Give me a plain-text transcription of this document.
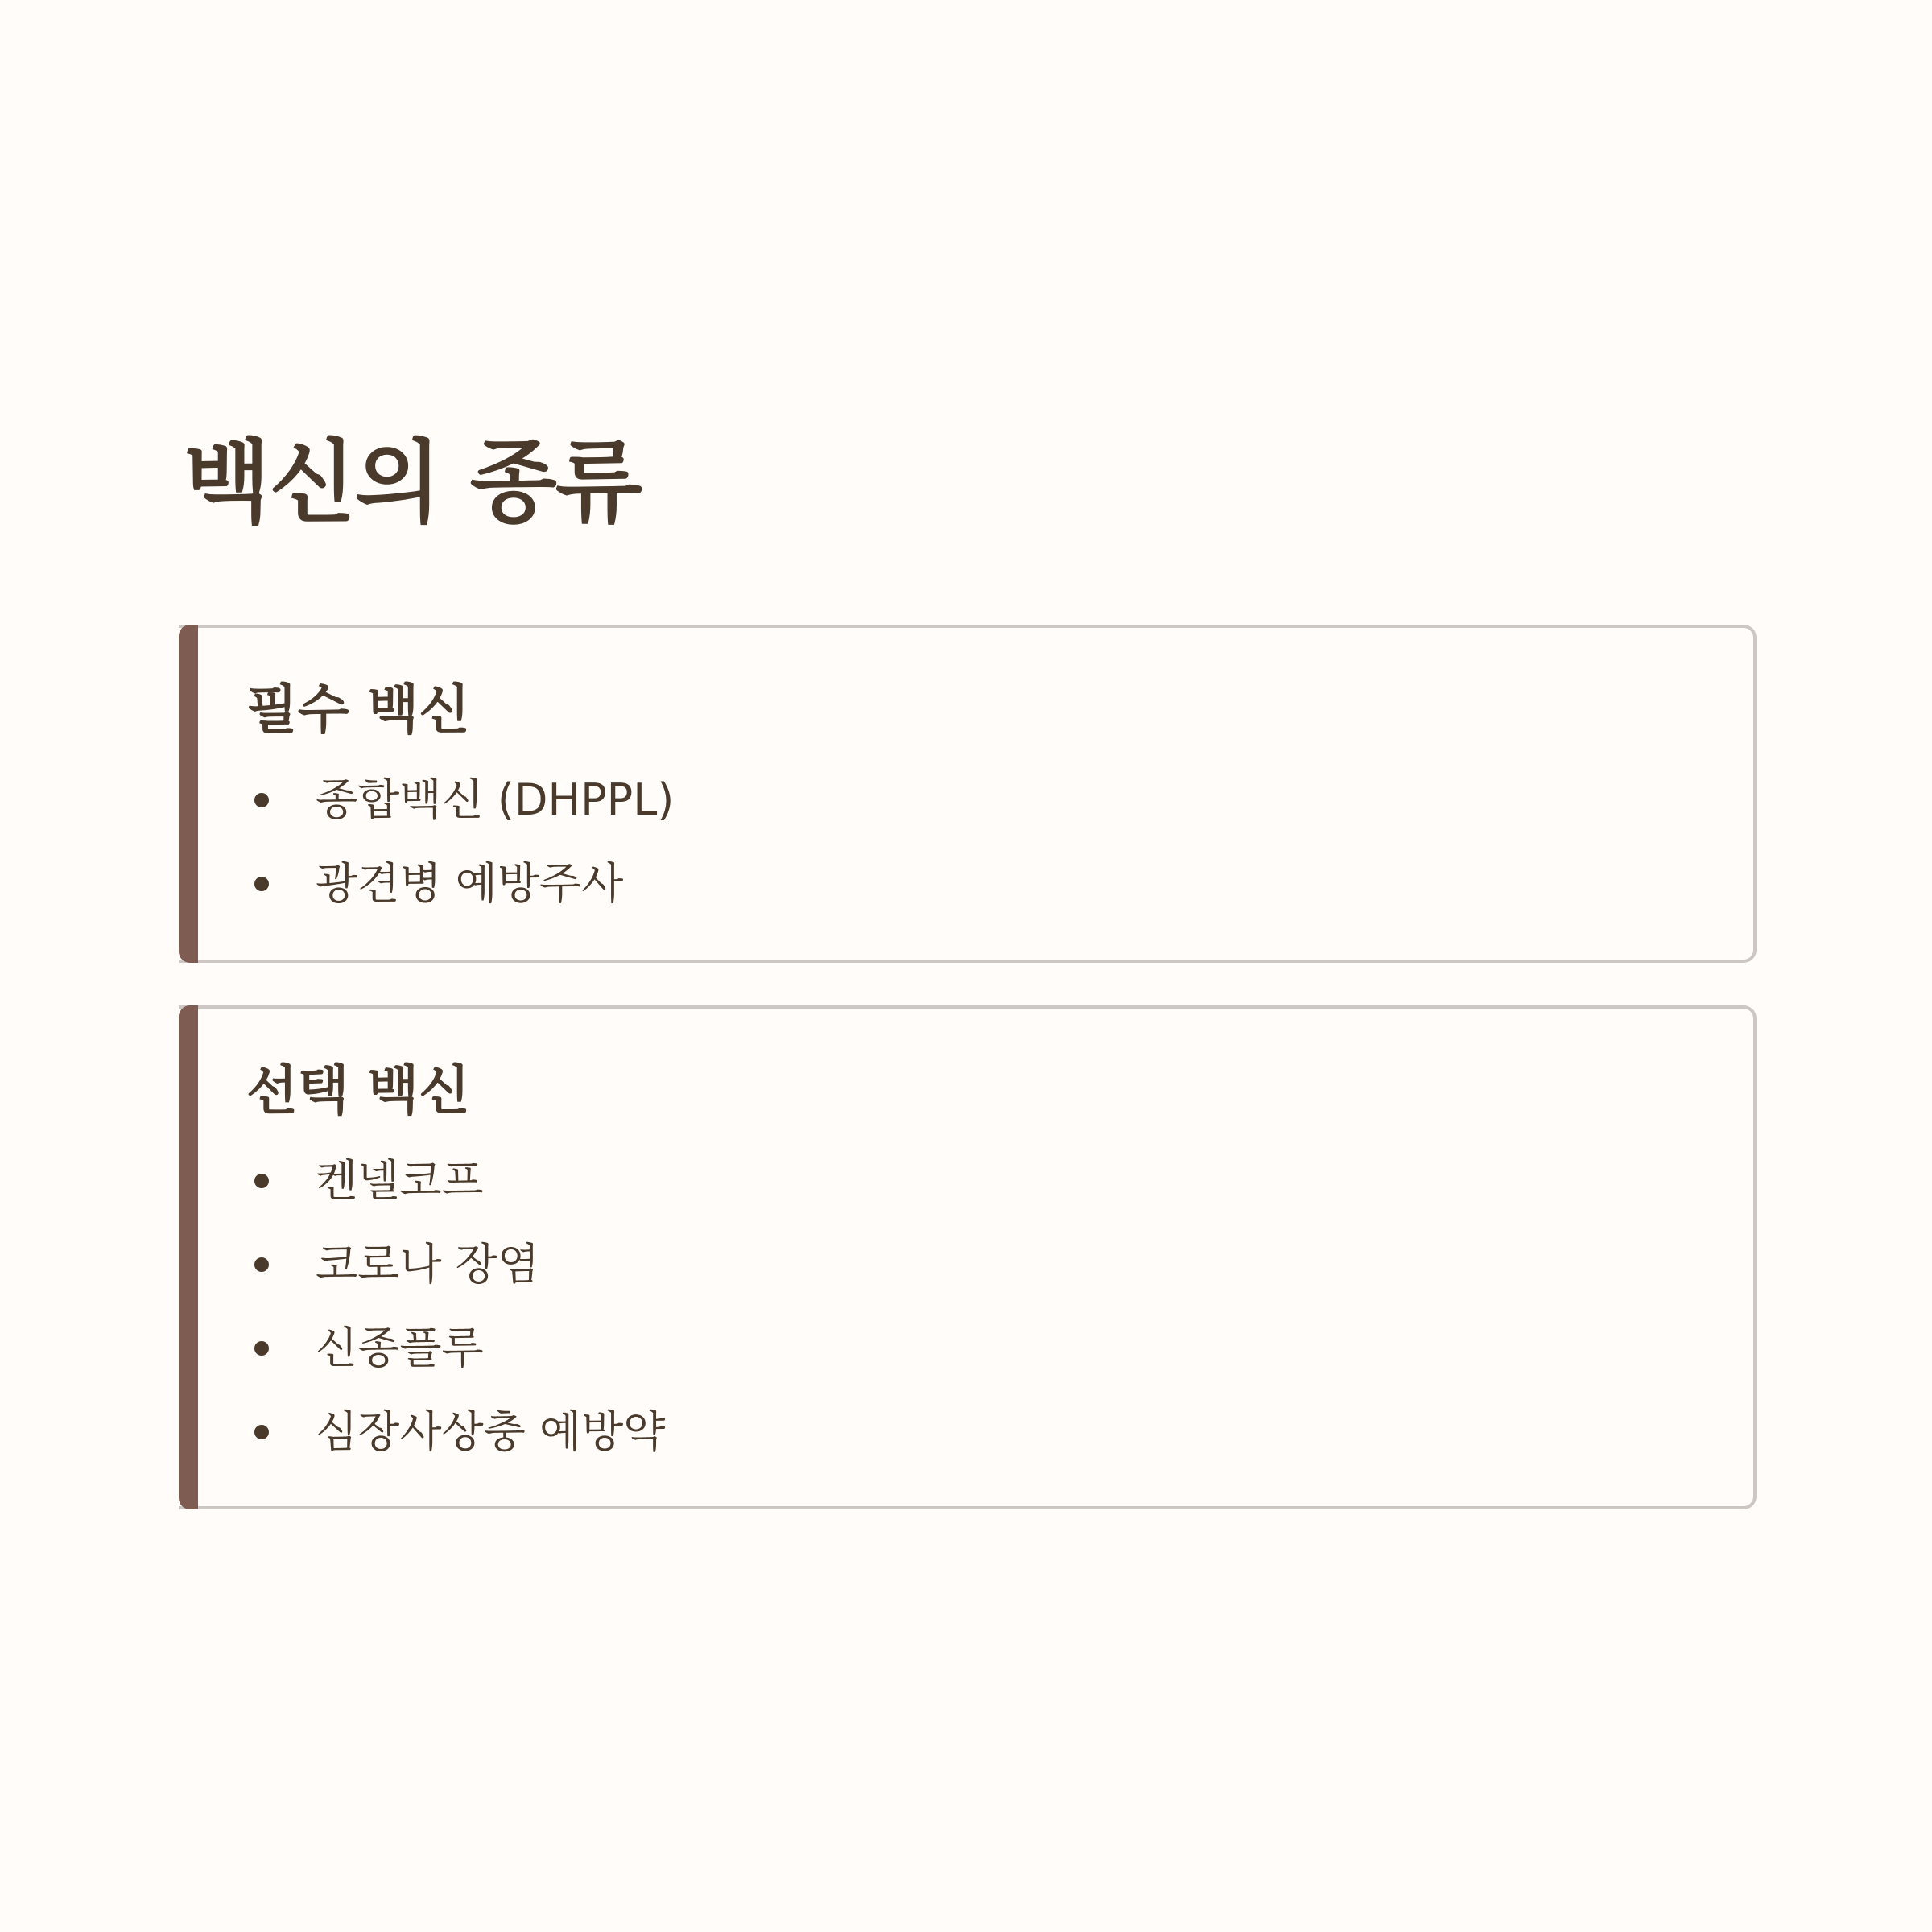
백신의 종류
필수 백신
종합백신 (DHPPL)
광견병 예방주사
선택 백신
켄넬코프
코로나 장염
신종플루
심장사상충 예방약
